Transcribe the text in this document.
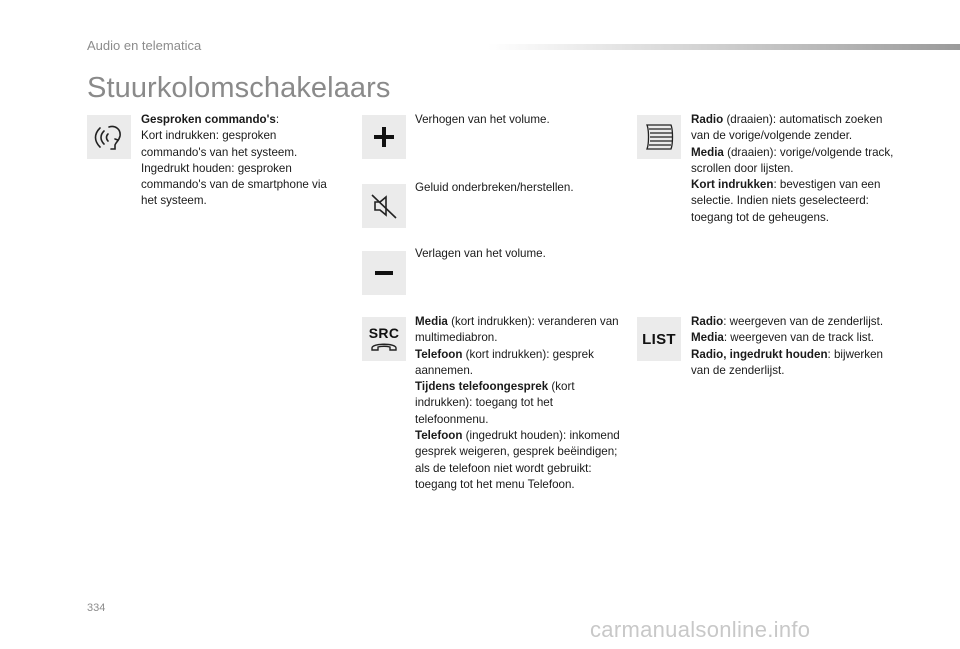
Audio en telematica
Stuurkolomschakelaars
Gesproken commando's:
Kort indrukken: gesproken commando's van het systeem.
Ingedrukt houden: gesproken commando's van de smartphone via het systeem.
Verhogen van het volume.
Geluid onderbreken/herstellen.
Verlagen van het volume.
SRC
Media (kort indrukken): veranderen van multimediabron.
Telefoon (kort indrukken): gesprek aannemen.
Tijdens telefoongesprek (kort indrukken): toegang tot het telefoonmenu.
Telefoon (ingedrukt houden): inkomend gesprek weigeren, gesprek beëindigen; als de telefoon niet wordt gebruikt: toegang tot het menu Telefoon.
Radio (draaien): automatisch zoeken van de vorige/volgende zender.
Media (draaien): vorige/volgende track, scrollen door lijsten.
Kort indrukken: bevestigen van een selectie. Indien niets geselecteerd: toegang tot de geheugens.
LIST
Radio: weergeven van de zenderlijst.
Media: weergeven van de track list.
Radio, ingedrukt houden: bijwerken van de zenderlijst.
334
carmanualsonline.info
